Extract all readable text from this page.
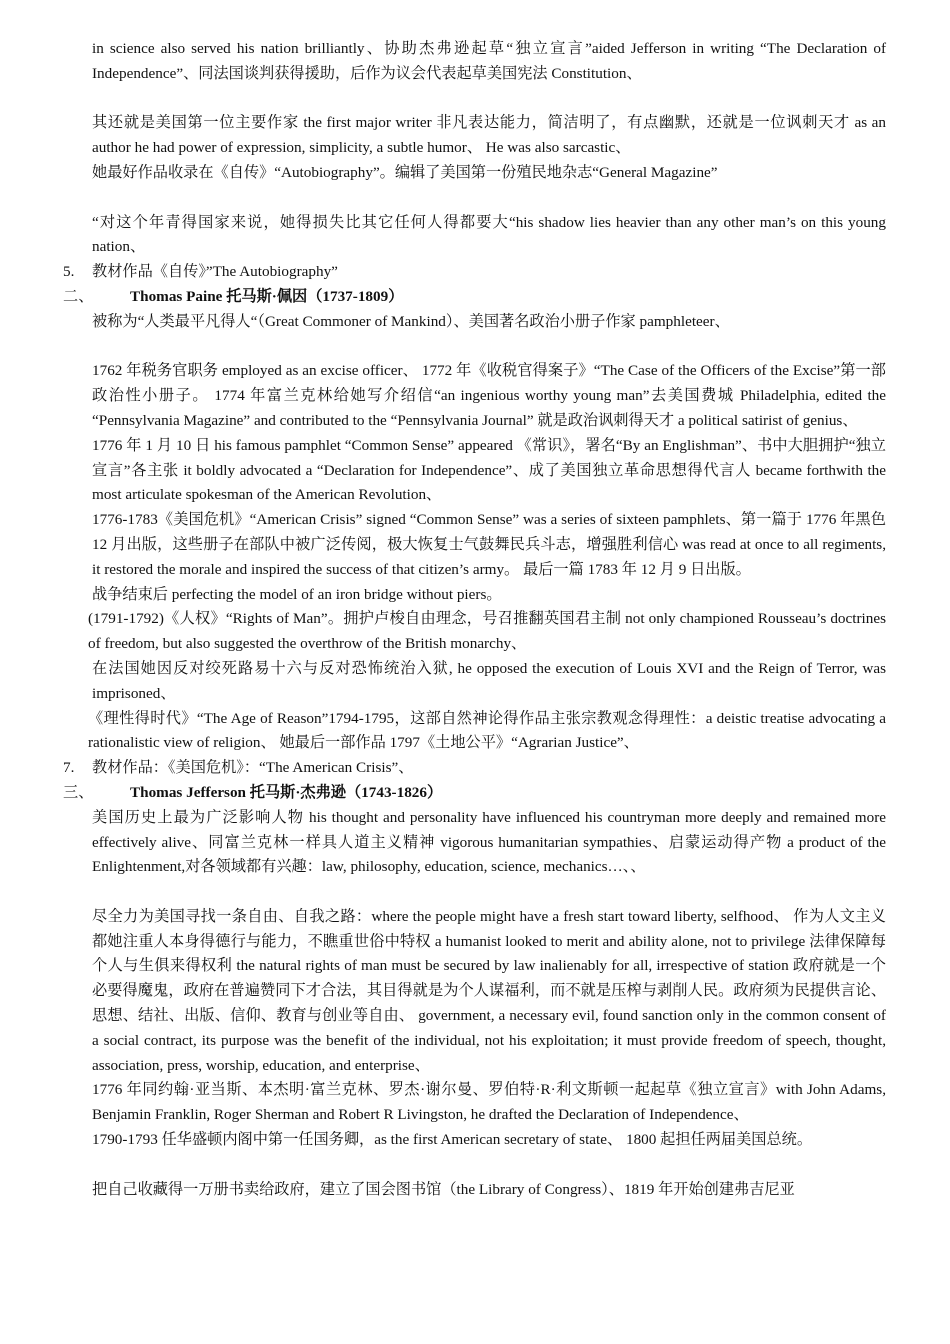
in science also served his nation brilliantly、协助杰弗逊起草“独立宣言”aided Jefferson in writing “The Declaration of Independence”、同法国谈判获得援助，后作为议会代表起草美国宪法 Constitution、

其还就是美国第一位主要作家 the first major writer 非凡表达能力，简洁明了，有点幽默，还就是一位讽刺天才 as an author he had power of expression, simplicity, a subtle humor、 He was also sarcastic、

她最好作品收录在《自传》“Autobiography”。编辑了美国第一份殖民地杂志“General Magazine”

“对这个年青得国家来说，她得损失比其它任何人得都要大“his shadow lies heavier than any other man’s on this young nation、

5. 教材作品《自传》”The Autobiography”
二、 Thomas Paine 托马斯·佩因（1737-1809）

被称为“人类最平凡得人“（Great Commoner of Mankind）、美国著名政治小册子作家 pamphleteer、

1762 年税务官职务 employed as an excise officer、 1772 年《收税官得案子》“The Case of the Officers of the Excise”第一部政治性小册子。 1774 年富兰克林给她写介绍信“an ingenious worthy young man”去美国费城 Philadelphia, edited the “Pennsylvania Magazine” and contributed to the “Pennsylvania Journal” 就是政治讽刺得天才 a political satirist of genius、

1776 年 1 月 10 日 his famous pamphlet “Common Sense” appeared 《常识》，署名“By an Englishman”、书中大胆拥护“独立宣言”各主张 it boldly advocated a “Declaration for Independence”、成了美国独立革命思想得代言人 became forthwith the most articulate spokesman of the American Revolution、

1776-1783《美国危机》“American Crisis” signed “Common Sense” was a series of sixteen pamphlets、第一篇于 1776 年黑色 12 月出版，这些册子在部队中被广泛传阅，极大恢复士气鼓舞民兵斗志，增强胜利信心 was read at once to all regiments, it restored the morale and inspired the success of that citizen’s army。 最后一篇 1783 年 12 月 9 日出版。

战争结束后 perfecting the model of an iron bridge without piers。

(1791-1792)《人权》“Rights of Man”。拥护卢梭自由理念，号召推翻英国君主制 not only championed Rousseau’s doctrines of freedom, but also suggested the overthrow of the British monarchy、

在法国她因反对绞死路易十六与反对恐怖统治入狱, he opposed the execution of Louis XVI and the Reign of Terror, was imprisoned、

《理性得时代》“The Age of Reason”1794-1795，这部自然神论得作品主张宗教观念得理性：a deistic treatise advocating a rationalistic view of religion、 她最后一部作品 1797《土地公平》“Agrarian Justice”、

7. 教材作品：《美国危机》：“The American Crisis”、
三、 Thomas Jefferson 托马斯·杰弗逊（1743-1826）

美国历史上最为广泛影响人物 his thought and personality have influenced his countryman more deeply and remained more effectively alive、同富兰克林一样具人道主义精神 vigorous humanitarian sympathies、启蒙运动得产物 a product of the Enlightenment,对各领域都有兴趣：law, philosophy, education, science, mechanics…、、

尽全力为美国寻找一条自由、自我之路：where the people might have a fresh start toward liberty, selfhood、 作为人文主义都她注重人本身得德行与能力，不瞧重世俗中特权 a humanist looked to merit and ability alone, not to privilege 法律保障每个人与生俱来得权利 the natural rights of man must be secured by law inalienably for all, irrespective of station 政府就是一个必要得魔鬼，政府在普遍赞同下才合法，其目得就是为个人谋福利，而不就是压榨与剥削人民。政府须为民提供言论、思想、结社、出版、信仰、教育与创业等自由、 government, a necessary evil, found sanction only in the common consent of a social contract, its purpose was the benefit of the individual, not his exploitation; it must provide freedom of speech, thought, association, press, worship, education, and enterprise、

1776 年同约翰·亚当斯、本杰明·富兰克林、罗杰·谢尔曼、罗伯特·R·利文斯顿一起起草《独立宣言》with John Adams, Benjamin Franklin, Roger Sherman and Robert R Livingston, he drafted the Declaration of Independence、

1790-1793 任华盛顿内阁中第一任国务卿，as the first American secretary of state、 1800 起担任两届美国总统。

把自己收藏得一万册书卖给政府，建立了国会图书馆（the Library of Congress）、1819 年开始创建弗吉尼亚
